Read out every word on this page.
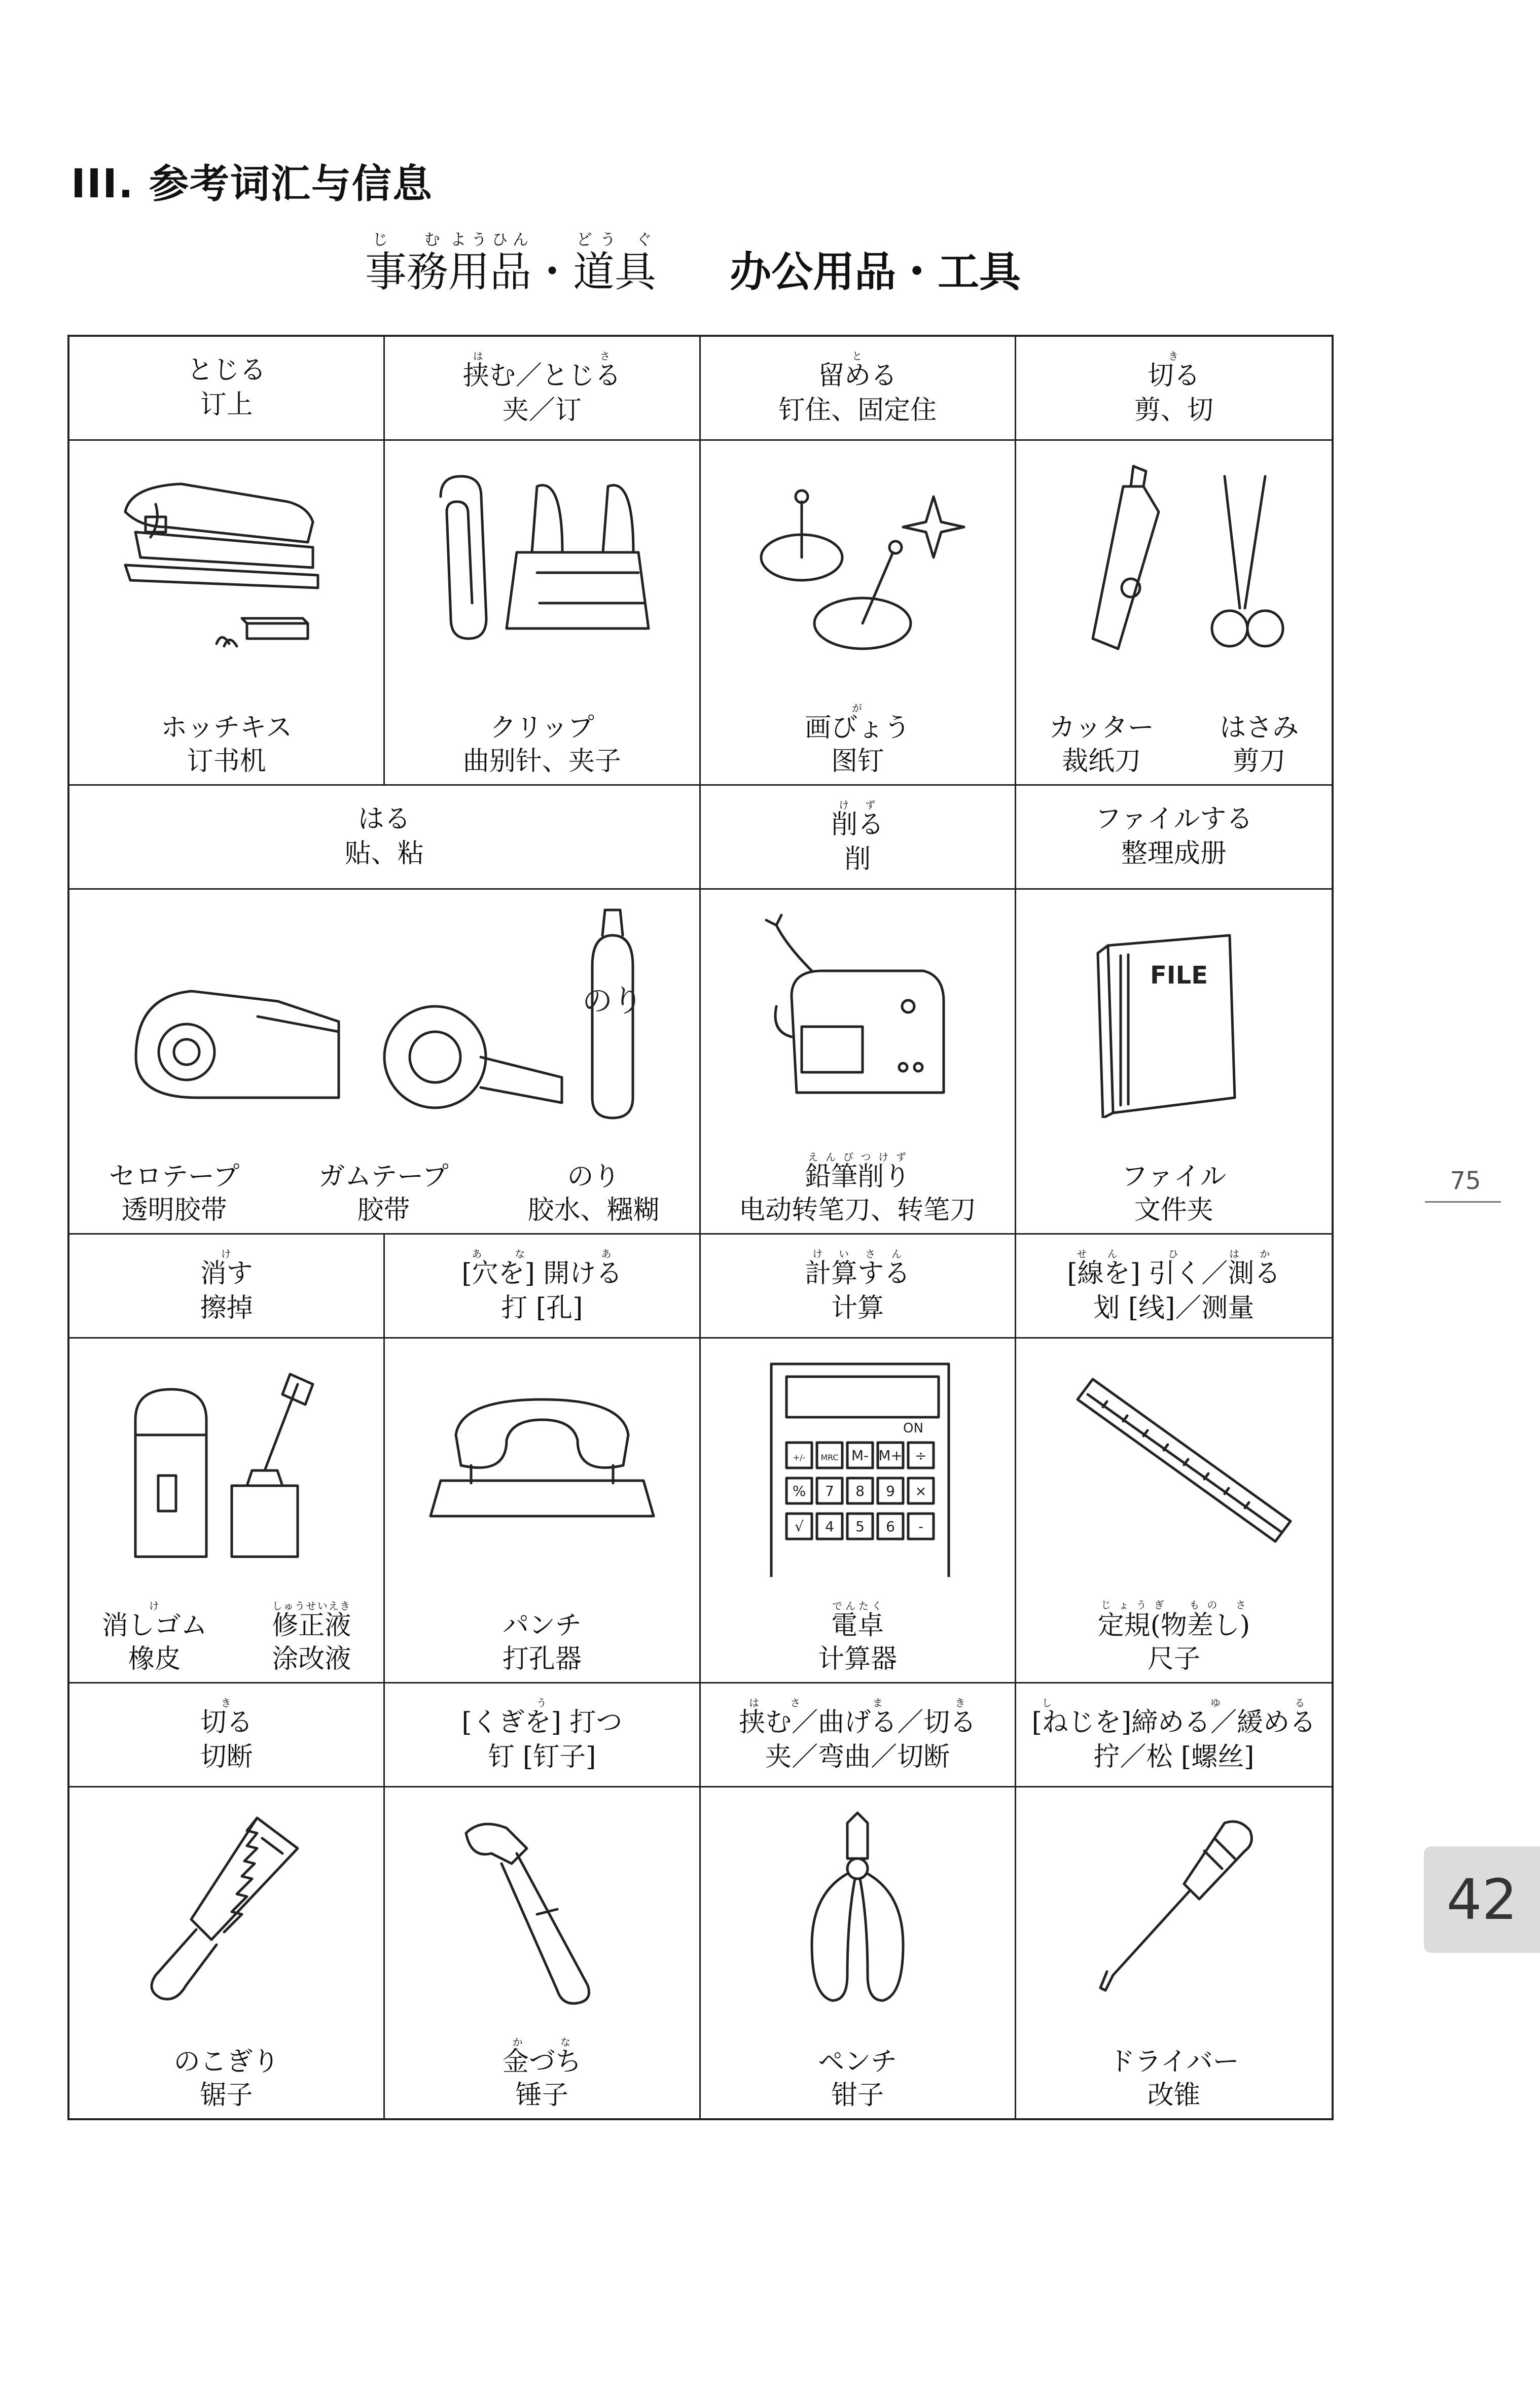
III. 参考词汇与信息
事務じ む用品ようひん・道具どう ぐ 办公用品・工具
とじる
订上
挟む／とじるはさ
夹／订
留めると
钉住、固定住
切るき
剪、切
ホッチキス
订书机
クリップ
曲别针、夹子
画びょうが
图钉
カッター
裁纸刀
はさみ
剪刀
はる
贴、粘
削るけず
削
ファイルする
整理成册
のり
セロテープ
透明胶带
ガムテープ
胶带
のり
胶水、糨糊
鉛筆削りえんぴつけず
电动转笔刀、转笔刀
FILE
ファイル
文件夹
消すけ
擦掉
[穴を] 開けるあな　あ
打 [孔]
計算するけいさん
计算
[線を] 引く／測るせん　ひ　はか
划 [线]／测量
消しゴムけ
橡皮
修正液しゅうせいえき
涂改液
パンチ
打孔器
ON
+/- MRC M- M+ ÷
% 7 8 9 ×
√ 4 5 6 -
電卓でんたく
计算器
定規(物差し)じょうぎ　もの さ
尺子
切るき
切断
[くぎを] 打つう
钉 [钉子]
挟む／曲げる／切るはさ　ま　き
夹／弯曲／切断
[ねじを]締める／緩めるし　ゆる
拧／松 [螺丝]
のこぎり
锯子
金づちかな
锤子
ペンチ
钳子
ドライバー
改锥
75
42
